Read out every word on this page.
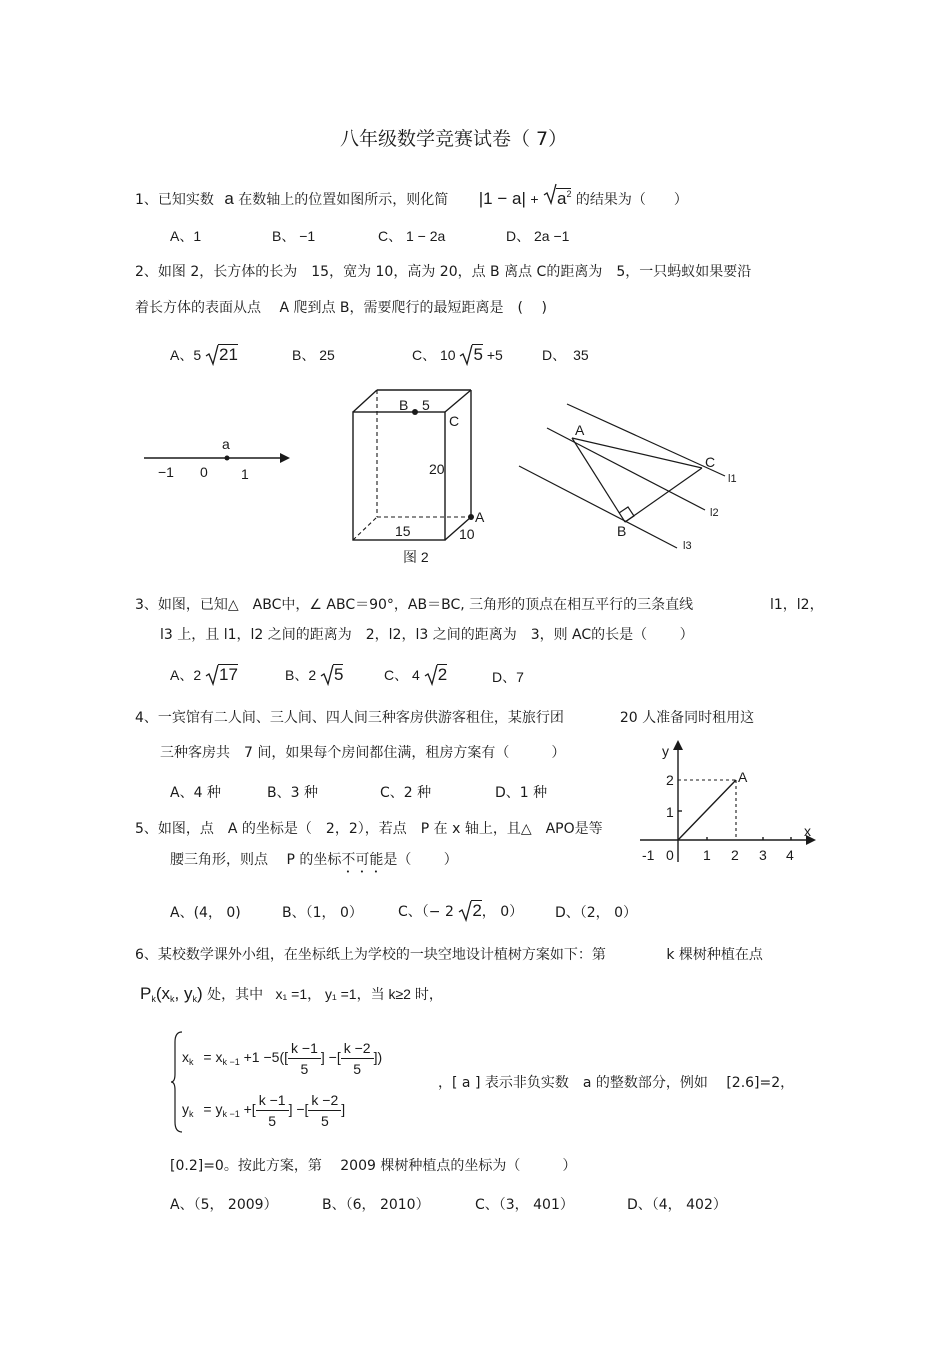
八年级数学竞赛试卷（ 7）
1、已知实数 a 在数轴上的位置如图所示，则化简 $|1 - a| + a^2$ 的结果为（　　）
A、1	B、 −1	C、 1 − 2a	D、 2a −1
2、如图 2，长方体的长为　15，宽为 10，高为 20，点 B 离点 C的距离为　5，一只蚂蚁如果要沿
着长方体的表面从点　 A 爬到点 B，需要爬行的最短距离是　(　 )
A、5 21	B、 25	C、 10 5 +5	D、　35
a
−1 0 1
B 5
C
20
A
15	10
图 2
A
C
B
l1
l2
l3
3、如图，已知△　ABC中，∠ ABC＝90°，AB＝BC, 三角形的顶点在相互平行的三条直线	l1，l2，
l3 上，且 l1，l2 之间的距离为　2，l2，l3 之间的距离为　3，则 AC的长是（　　 ）
A、2 17	B、2 5	C、 4 2	D、7
4、一宾馆有二人间、三人间、四人间三种客房供游客租住，某旅行团　　　　20 人准备同时租用这
三种客房共　7 间，如果每个房间都住满，租房方案有（　　　）
A、4 种	B、3 种	C、2 种	D、1 种
y
x
A
2
1
-1 0 1 2 3 4
5、如图，点　A 的坐标是（　2，2），若点　P 在 x 轴上，且△　APO是等
腰三角形，则点　 P 的坐标不可能是（　　 ）
A、(4， 0)	B、（1， 0）	C、（− 2 2， 0） D、（2， 0）
6、某校数学课外小组，在坐标纸上为学校的一块空地设计植树方案如下：第　　　　 k 棵树种植在点
$P_k(x_k$, $y_k$) 处，其中 x₁ =1， y₁ =1，当 k≥2 时，
$x_k = x_{k -1} +1 -5([ \frac{k -1}{5}$ ] −[ $\frac{k -2}{5}$ ])
$y_k = y_{k -1}$ +[ $\frac{k -1}{5}$ ] −[ $\frac{k -2}{5}$ ]
，[ a ] 表示非负实数　a 的整数部分，例如　 [2.6]=2，
[0.2]=0。按此方案，第　 2009 棵树种植点的坐标为（　　　）
A、（5， 2009）	B、（6， 2010）	C、（3， 401）	D、（4， 402）
